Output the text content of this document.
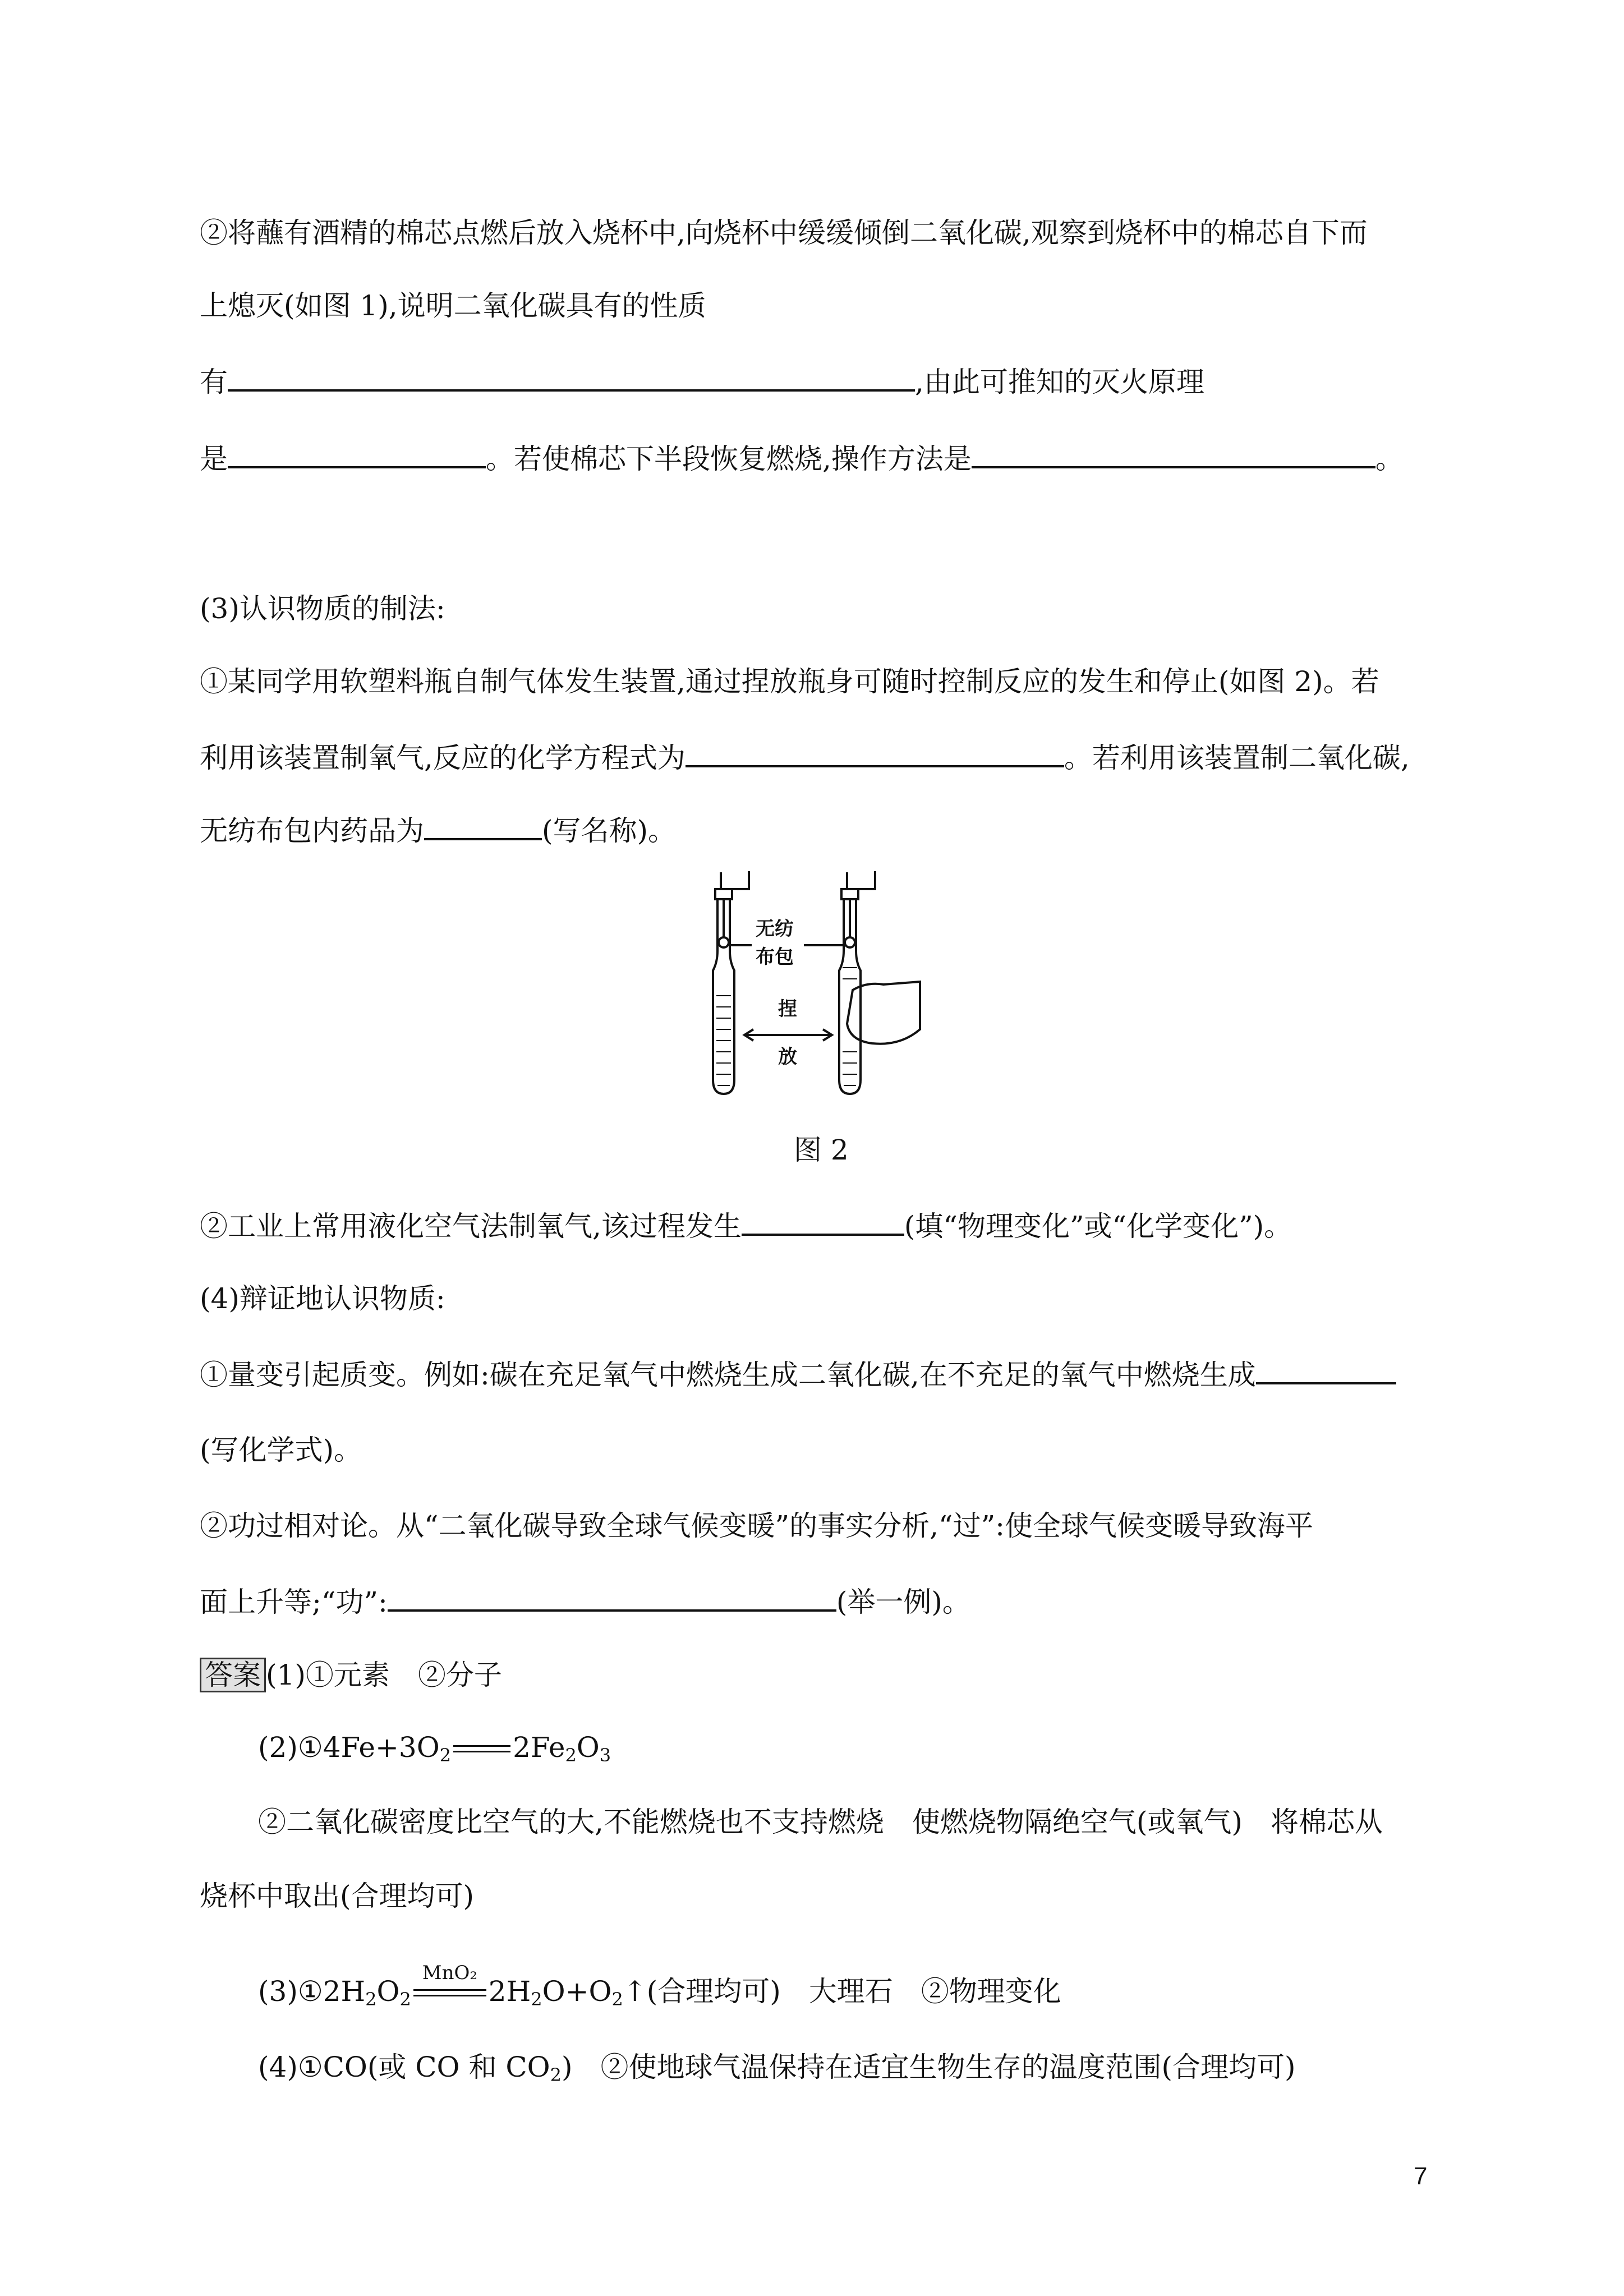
②将蘸有酒精的棉芯点燃后放入烧杯中,向烧杯中缓缓倾倒二氧化碳,观察到烧杯中的棉芯自下而
上熄灭(如图 1),说明二氧化碳具有的性质
有	,由此可推知的灭火原理
是	。若使棉芯下半段恢复燃烧,操作方法是	。
(3)认识物质的制法:
①某同学用软塑料瓶自制气体发生装置,通过捏放瓶身可随时控制反应的发生和停止(如图 2)。若
利用该装置制氧气,反应的化学方程式为	。若利用该装置制二氧化碳,
无纺布包内药品为	(写名称)。
无纺
布包
捏
放
图 2
②工业上常用液化空气法制氧气,该过程发生	(填“物理变化”或“化学变化”)。
(4)辩证地认识物质:
①量变引起质变。例如:碳在充足氧气中燃烧生成二氧化碳,在不充足的氧气中燃烧生成
(写化学式)。
②功过相对论。从“二氧化碳导致全球气候变暖”的事实分析,“过”:使全球气候变暖导致海平
面上升等;“功”:	(举一例)。
答案 (1)①元素　②分子
$(2)①4Fe+3O_2$ $2Fe_2O_3$
②二氧化碳密度比空气的大,不能燃烧也不支持燃烧　使燃烧物隔绝空气(或氧气)　将棉芯从
烧杯中取出(合理均可)
$(3)①2H_2O_2$
MnO₂
$2H_2O+O_2↑$(合理均可)　大理石　②物理变化
(4)①CO(或 CO 和 $CO_2$)　②使地球气温保持在适宜生物生存的温度范围(合理均可)
7
